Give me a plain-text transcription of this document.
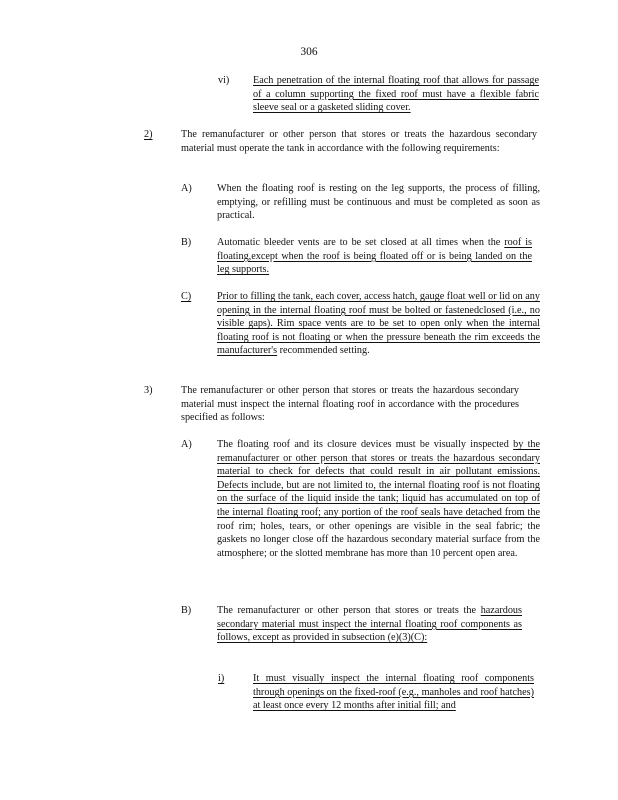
306
vi) Each penetration of the internal floating roof that allows for passage of a column supporting the fixed roof must have a flexible fabric sleeve seal or a gasketed sliding cover.
2)	The remanufacturer or other person that stores or treats the hazardous secondary material must operate the tank in accordance with the following requirements:
A) When the floating roof is resting on the leg supports, the process of filling, emptying, or refilling must be continuous and must be completed as soon as practical.
B)	Automatic bleeder vents are to be set closed at all times when the roof is floating,except when the roof is being floated off or is being landed on the leg supports.
C)	Prior to filling the tank, each cover, access hatch, gauge float well or lid on any opening in the internal floating roof must be bolted or fastenedclosed (i.e., no visible gaps). Rim space vents are to be set to open only when the internal floating roof is not floating or when the pressure beneath the rim exceeds the manufacturer's recommended setting.
3)	The remanufacturer or other person that stores or treats the hazardous secondary material must inspect the internal floating roof in accordance with the procedures specified as follows:
A) The floating roof and its closure devices must be visually inspected by the remanufacturer or other person that stores or treats the hazardous secondary material to check for defects that could result in air pollutant emissions. Defects include, but are not limited to, the internal floating roof is not floating on the surface of the liquid inside the tank; liquid has accumulated on top of the internal floating roof; any portion of the roof seals have detached from the roof rim; holes, tears, or other openings are visible in the seal fabric; the gaskets no longer close off the hazardous secondary material surface from the atmosphere; or the slotted membrane has more than 10 percent open area.
B)	The remanufacturer or other person that stores or treats the hazardous secondary material must inspect the internal floating roof components as follows, except as provided in subsection (e)(3)(C):
i)	It must visually inspect the internal floating roof components through openings on the fixed-roof (e.g., manholes and roof hatches) at least once every 12 months after initial fill; and
